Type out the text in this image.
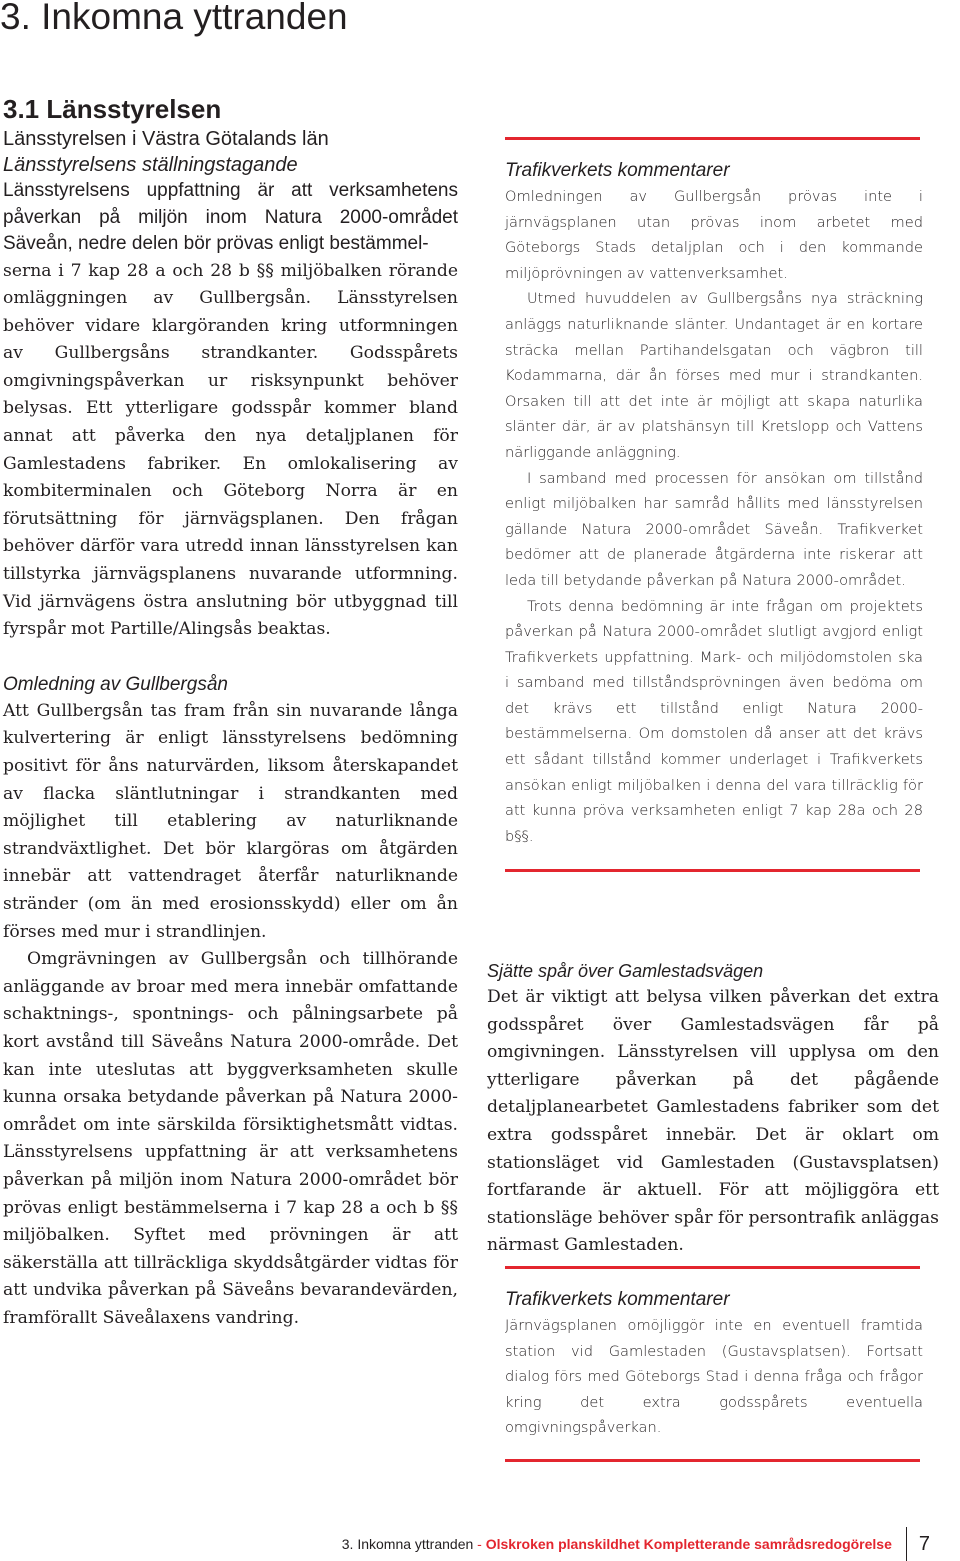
3. Inkomna yttranden
3.1 Länsstyrelsen
Länsstyrelsen i Västra Götalands län
Länsstyrelsens ställningstagande

Länsstyrelsens uppfattning är att verksamhetens påverkan på miljön inom Natura 2000-området Säveån, nedre delen bör prövas enligt bestämmel-

serna i 7 kap 28 a och 28 b §§ miljöbalken rörande omläggningen av Gullbergsån. Länsstyrelsen behöver vidare klargöranden kring utformningen av Gullbergsåns strandkanter. Godsspårets omgivningspåverkan ur risksynpunkt behöver belysas. Ett ytterligare godsspår kommer bland annat att påverka den nya detaljplanen för Gamlestadens fabriker. En omlokalisering av kombiterminalen och Göteborg Norra är en förutsättning för järnvägsplanen. Den frågan behöver därför vara utredd innan länsstyrelsen kan tillstyrka järnvägsplanens nuvarande utformning. Vid järnvägens östra anslutning bör utbyggnad till fyrspår mot Partille/Alingsås beaktas.

Omledning av Gullbergsån

Att Gullbergsån tas fram från sin nuvarande långa kulvertering är enligt länsstyrelsens bedömning positivt för åns naturvärden, liksom återskapandet av flacka släntlutningar i strandkanten med möjlighet till etablering av naturliknande strandväxtlighet. Det bör klargöras om åtgärden innebär att vattendraget återfår naturliknande stränder (om än med erosionsskydd) eller om ån förses med mur i strandlinjen.

Omgrävningen av Gullbergsån och tillhörande anläggande av broar med mera innebär omfattande schaktnings-, spontnings- och pålningsarbete på kort avstånd till Säveåns Natura 2000-område. Det kan inte uteslutas att byggverksamheten skulle kunna orsaka betydande påverkan på Natura 2000-området om inte särskilda försiktighetsmått vidtas. Länsstyrelsens uppfattning är att verksamhetens påverkan på miljön inom Natura 2000-området bör prövas enligt bestämmelserna i 7 kap 28 a och b §§ miljöbalken. Syftet med prövningen är att säkerställa att tillräckliga skyddsåtgärder vidtas för att undvika påverkan på Säveåns bevarandevärden, framförallt Säveålaxens vandring.

Trafikverkets kommentarer

Omledningen av Gullbergsån prövas inte i järnvägsplanen utan prövas inom arbetet med Göteborgs Stads detaljplan och i den kommande miljöprövningen av vattenverksamhet.

Utmed huvuddelen av Gullbergsåns nya sträckning anläggs naturliknande slänter. Undantaget är en kortare sträcka mellan Partihandelsgatan och vägbron till Kodammarna, där ån förses med mur i strandkanten. Orsaken till att det inte är möjligt att skapa naturlika slänter där, är av platshänsyn till Kretslopp och Vattens närliggande anläggning.

I samband med processen för ansökan om tillstånd enligt miljöbalken har samråd hållits med länsstyrelsen gällande Natura 2000-området Säveån. Trafikverket bedömer att de planerade åtgärderna inte riskerar att leda till betydande påverkan på Natura 2000-området.

Trots denna bedömning är inte frågan om projektets påverkan på Natura 2000-området slutligt avgjord enligt Trafikverkets uppfattning. Mark- och miljödomstolen ska i samband med tillståndsprövningen även bedöma om det krävs ett tillstånd enligt Natura 2000-bestämmelserna. Om domstolen då anser att det krävs ett sådant tillstånd kommer underlaget i Trafikverkets ansökan enligt miljöbalken i denna del vara tillräcklig för att kunna pröva verksamheten enligt 7 kap 28a och 28 b§§.

Sjätte spår över Gamlestadsvägen

Det är viktigt att belysa vilken påverkan det extra godsspåret över Gamlestadsvägen får på omgivningen. Länsstyrelsen vill upplysa om den ytterligare påverkan på det pågående detaljplanearbetet Gamlestadens fabriker som det extra godsspåret innebär. Det är oklart om stationsläget vid Gamlestaden (Gustavsplatsen) fortfarande är aktuell. För att möjliggöra ett stationsläge behöver spår för persontrafik anläggas närmast Gamlestaden.

Trafikverkets kommentarer

Järnvägsplanen omöjliggör inte en eventuell framtida station vid Gamlestaden (Gustavsplatsen). Fortsatt dialog förs med Göteborgs Stad i denna fråga och frågor kring det extra godsspårets eventuella omgivningspåverkan.

3. Inkomna yttranden - Olskroken planskildhet Kompletterande samrådsredogörelse 7
